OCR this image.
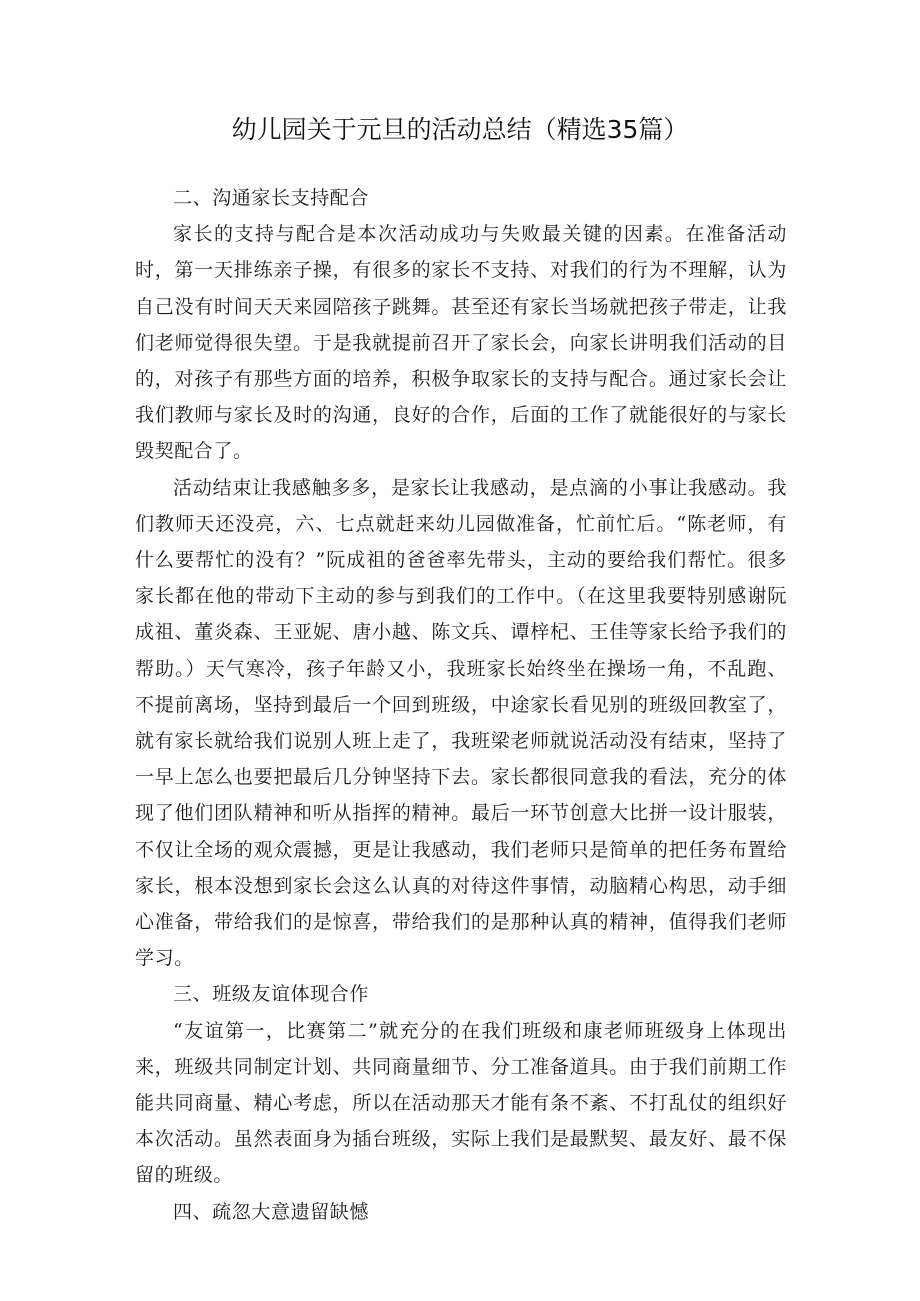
幼儿园关于元旦的活动总结（精选35篇）

二、沟通家长支持配合

家长的支持与配合是本次活动成功与失败最关键的因素。在准备活动时，第一天排练亲子操，有很多的家长不支持、对我们的行为不理解，认为自己没有时间天天来园陪孩子跳舞。甚至还有家长当场就把孩子带走，让我们老师觉得很失望。于是我就提前召开了家长会，向家长讲明我们活动的目的，对孩子有那些方面的培养，积极争取家长的支持与配合。通过家长会让我们教师与家长及时的沟通，良好的合作，后面的工作了就能很好的与家长毁契配合了。

活动结束让我感触多多，是家长让我感动，是点滴的小事让我感动。我们教师天还没亮，六、七点就赶来幼儿园做准备，忙前忙后。“陈老师，有什么要帮忙的没有？”阮成祖的爸爸率先带头，主动的要给我们帮忙。很多家长都在他的带动下主动的参与到我们的工作中。（在这里我要特别感谢阮成祖、董炎森、王亚妮、唐小越、陈文兵、谭梓杞、王佳等家长给予我们的帮助。）天气寒冷，孩子年龄又小，我班家长始终坐在操场一角，不乱跑、不提前离场，坚持到最后一个回到班级，中途家长看见别的班级回教室了，就有家长就给我们说别人班上走了，我班梁老师就说活动没有结束，坚持了一早上怎么也要把最后几分钟坚持下去。家长都很同意我的看法，充分的体现了他们团队精神和听从指挥的精神。最后一环节创意大比拼一设计服装，不仅让全场的观众震撼，更是让我感动，我们老师只是简单的把任务布置给家长，根本没想到家长会这么认真的对待这件事情，动脑精心构思，动手细心准备，带给我们的是惊喜，带给我们的是那种认真的精神，值得我们老师学习。

三、班级友谊体现合作

“友谊第一，比赛第二”就充分的在我们班级和康老师班级身上体现出来，班级共同制定计划、共同商量细节、分工准备道具。由于我们前期工作能共同商量、精心考虑，所以在活动那天才能有条不紊、不打乱仗的组织好本次活动。虽然表面身为插台班级，实际上我们是最默契、最友好、最不保留的班级。

四、疏忽大意遗留缺憾
